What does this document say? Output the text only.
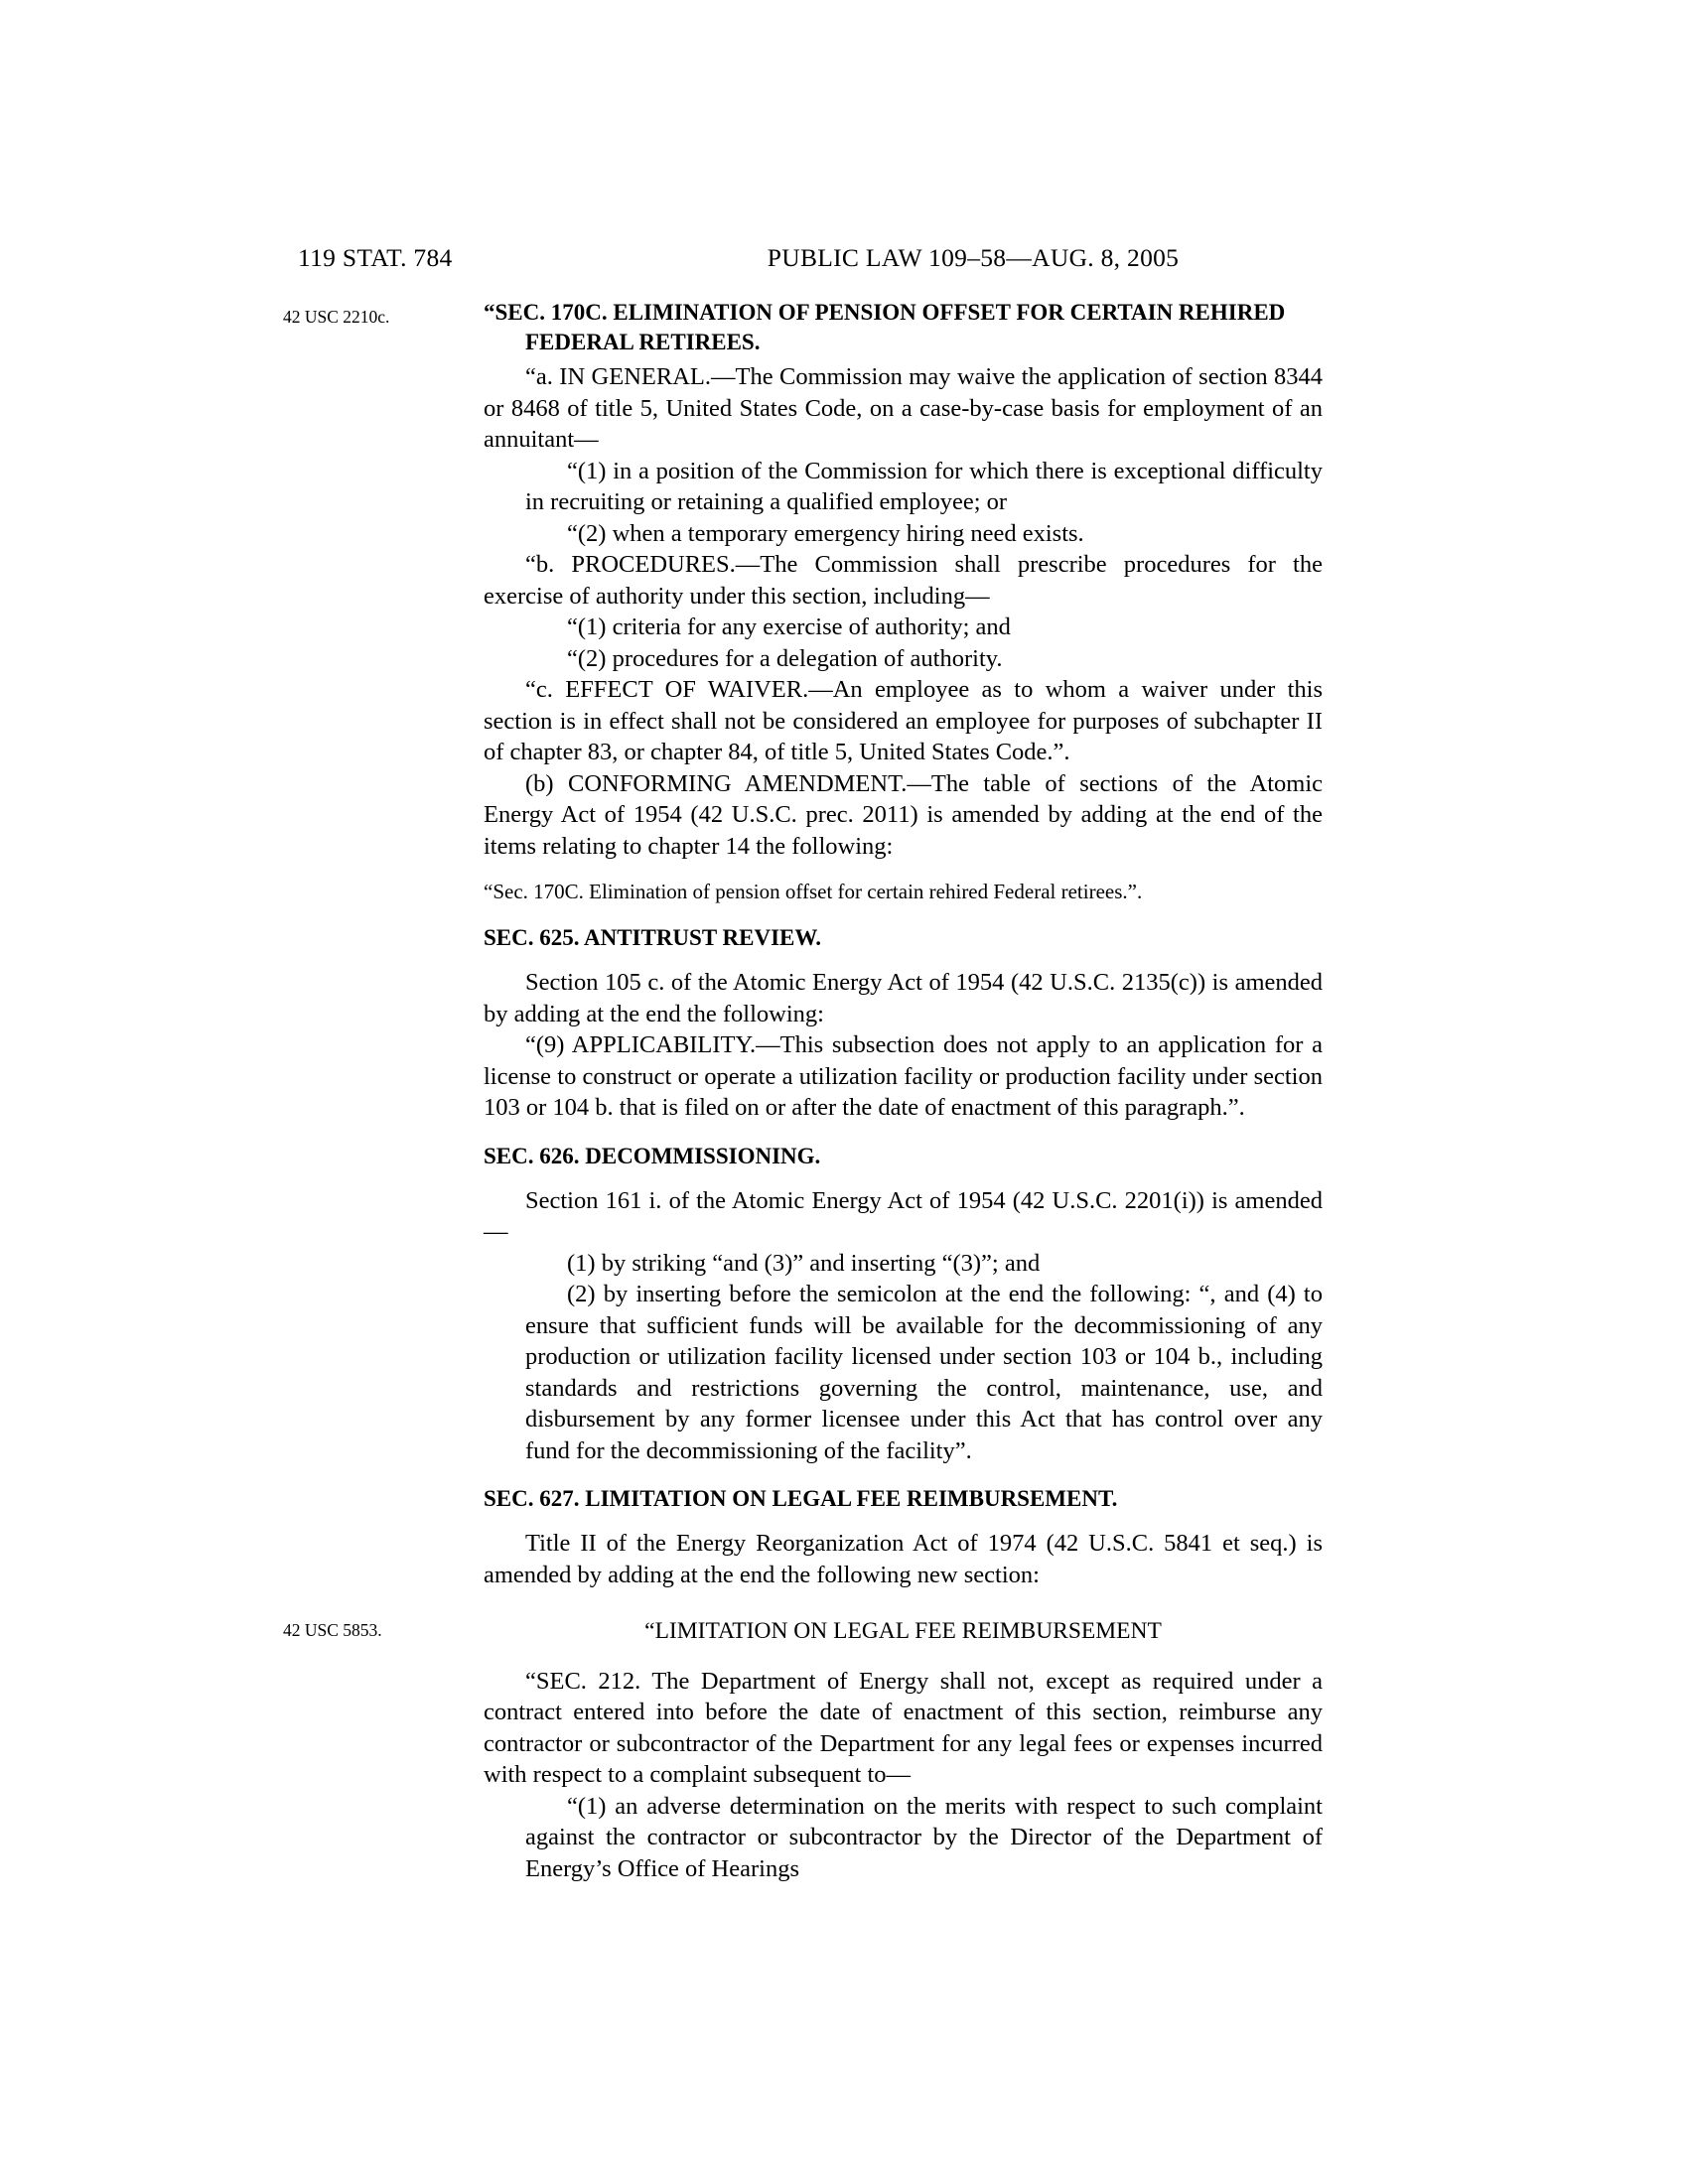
119 STAT. 784	PUBLIC LAW 109–58—AUG. 8, 2005
42 USC 2210c.
42 USC 5853.
“SEC. 170C. ELIMINATION OF PENSION OFFSET FOR CERTAIN REHIRED
FEDERAL RETIREES.

“a. IN GENERAL.—The Commission may waive the application of section 8344 or 8468 of title 5, United States Code, on a case-by-case basis for employment of an annuitant—

“(1) in a position of the Commission for which there is exceptional difficulty in recruiting or retaining a qualified employee; or

“(2) when a temporary emergency hiring need exists.

“b. PROCEDURES.—The Commission shall prescribe procedures for the exercise of authority under this section, including—

“(1) criteria for any exercise of authority; and

“(2) procedures for a delegation of authority.

“c. EFFECT OF WAIVER.—An employee as to whom a waiver under this section is in effect shall not be considered an employee for purposes of subchapter II of chapter 83, or chapter 84, of title 5, United States Code.”.

(b) CONFORMING AMENDMENT.—The table of sections of the Atomic Energy Act of 1954 (42 U.S.C. prec. 2011) is amended by adding at the end of the items relating to chapter 14 the following:

“Sec. 170C. Elimination of pension offset for certain rehired Federal retirees.”.

SEC. 625. ANTITRUST REVIEW.

Section 105 c. of the Atomic Energy Act of 1954 (42 U.S.C. 2135(c)) is amended by adding at the end the following:

“(9) APPLICABILITY.—This subsection does not apply to an application for a license to construct or operate a utilization facility or production facility under section 103 or 104 b. that is filed on or after the date of enactment of this paragraph.”.

SEC. 626. DECOMMISSIONING.

Section 161 i. of the Atomic Energy Act of 1954 (42 U.S.C. 2201(i)) is amended—

(1) by striking “and (3)” and inserting “(3)”; and

(2) by inserting before the semicolon at the end the following: “, and (4) to ensure that sufficient funds will be available for the decommissioning of any production or utilization facility licensed under section 103 or 104 b., including standards and restrictions governing the control, maintenance, use, and disbursement by any former licensee under this Act that has control over any fund for the decommissioning of the facility”.

SEC. 627. LIMITATION ON LEGAL FEE REIMBURSEMENT.

Title II of the Energy Reorganization Act of 1974 (42 U.S.C. 5841 et seq.) is amended by adding at the end the following new section:

“LIMITATION ON LEGAL FEE REIMBURSEMENT

“SEC. 212. The Department of Energy shall not, except as required under a contract entered into before the date of enactment of this section, reimburse any contractor or subcontractor of the Department for any legal fees or expenses incurred with respect to a complaint subsequent to—

“(1) an adverse determination on the merits with respect to such complaint against the contractor or subcontractor by the Director of the Department of Energy’s Office of Hearings
